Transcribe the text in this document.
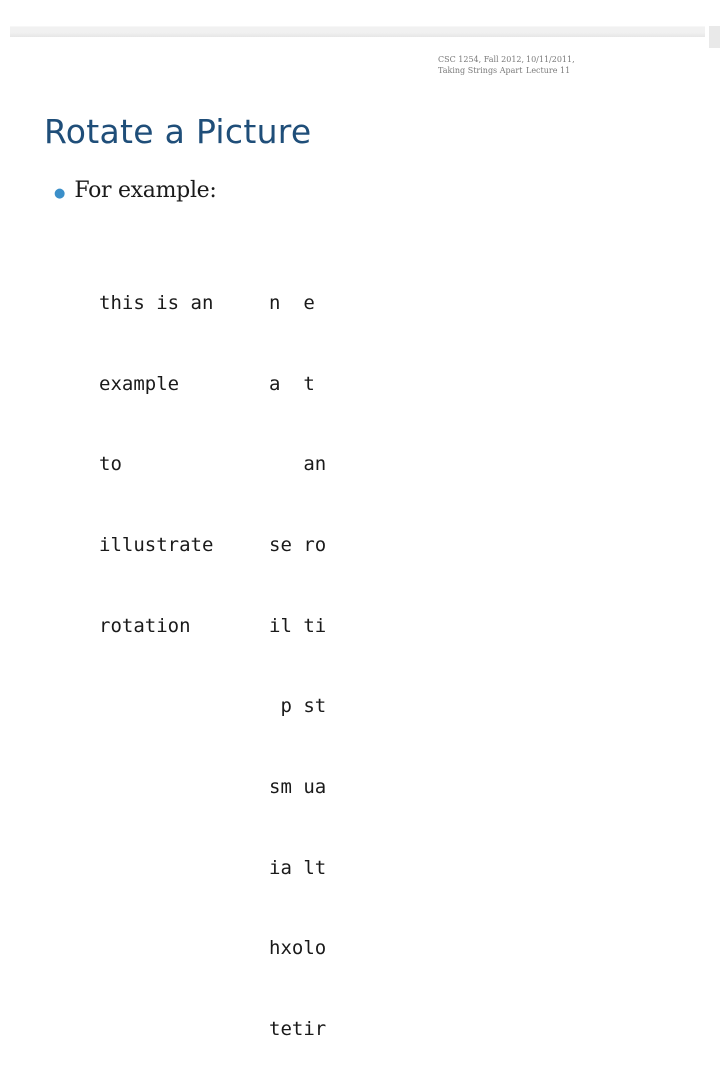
28
CSC 1254, Fall 2012,
Taking Strings Apart
10/11/2011,
Lecture 11
Rotate a Picture
● For example:

this is an

example

to

illustrate

rotation

n  e

a  t

an

se ro

il ti

p st

sm ua

ia lt

hxolo

tetir
